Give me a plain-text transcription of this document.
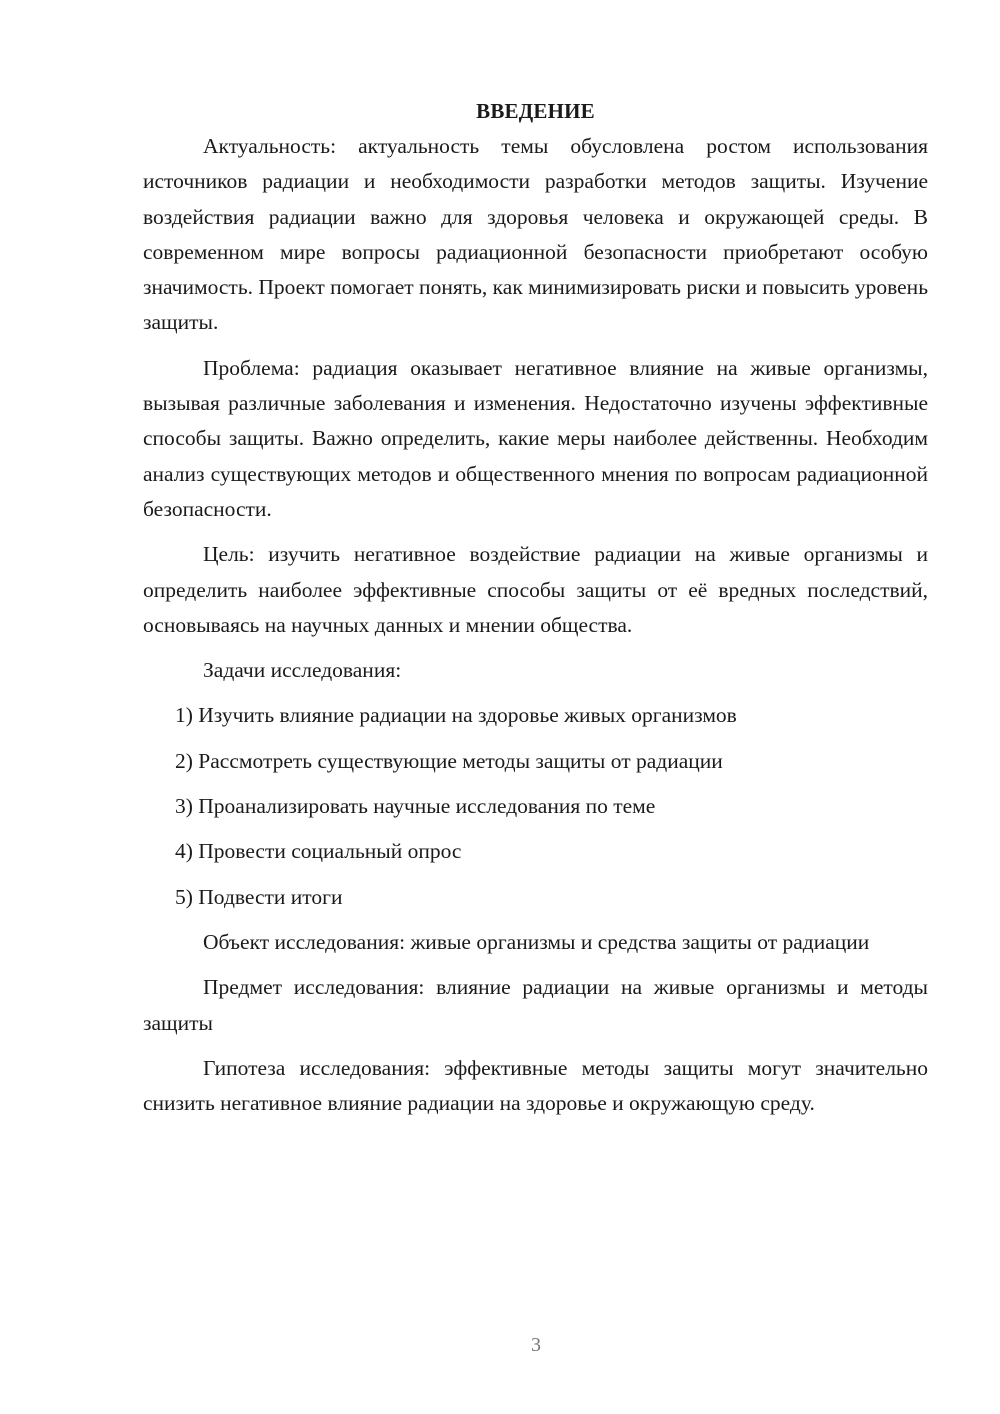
ВВЕДЕНИЕ

Актуальность: актуальность темы обусловлена ростом использования источников радиации и необходимости разработки методов защиты. Изучение воздействия радиации важно для здоровья человека и окружающей среды. В современном мире вопросы радиационной безопасности приобретают особую значимость. Проект помогает понять, как минимизировать риски и повысить уровень защиты.

Проблема: радиация оказывает негативное влияние на живые организмы, вызывая различные заболевания и изменения. Недостаточно изучены эффективные способы защиты. Важно определить, какие меры наиболее действенны. Необходим анализ существующих методов и общественного мнения по вопросам радиационной безопасности.

Цель: изучить негативное воздействие радиации на живые организмы и определить наиболее эффективные способы защиты от её вредных последствий, основываясь на научных данных и мнении общества.

Задачи исследования:

1) Изучить влияние радиации на здоровье живых организмов
2) Рассмотреть существующие методы защиты от радиации
3) Проанализировать научные исследования по теме
4) Провести социальный опрос
5) Подвести итоги

Объект исследования: живые организмы и средства защиты от радиации

Предмет исследования: влияние радиации на живые организмы и методы защиты

Гипотеза исследования: эффективные методы защиты могут значительно снизить негативное влияние радиации на здоровье и окружающую среду.

3
